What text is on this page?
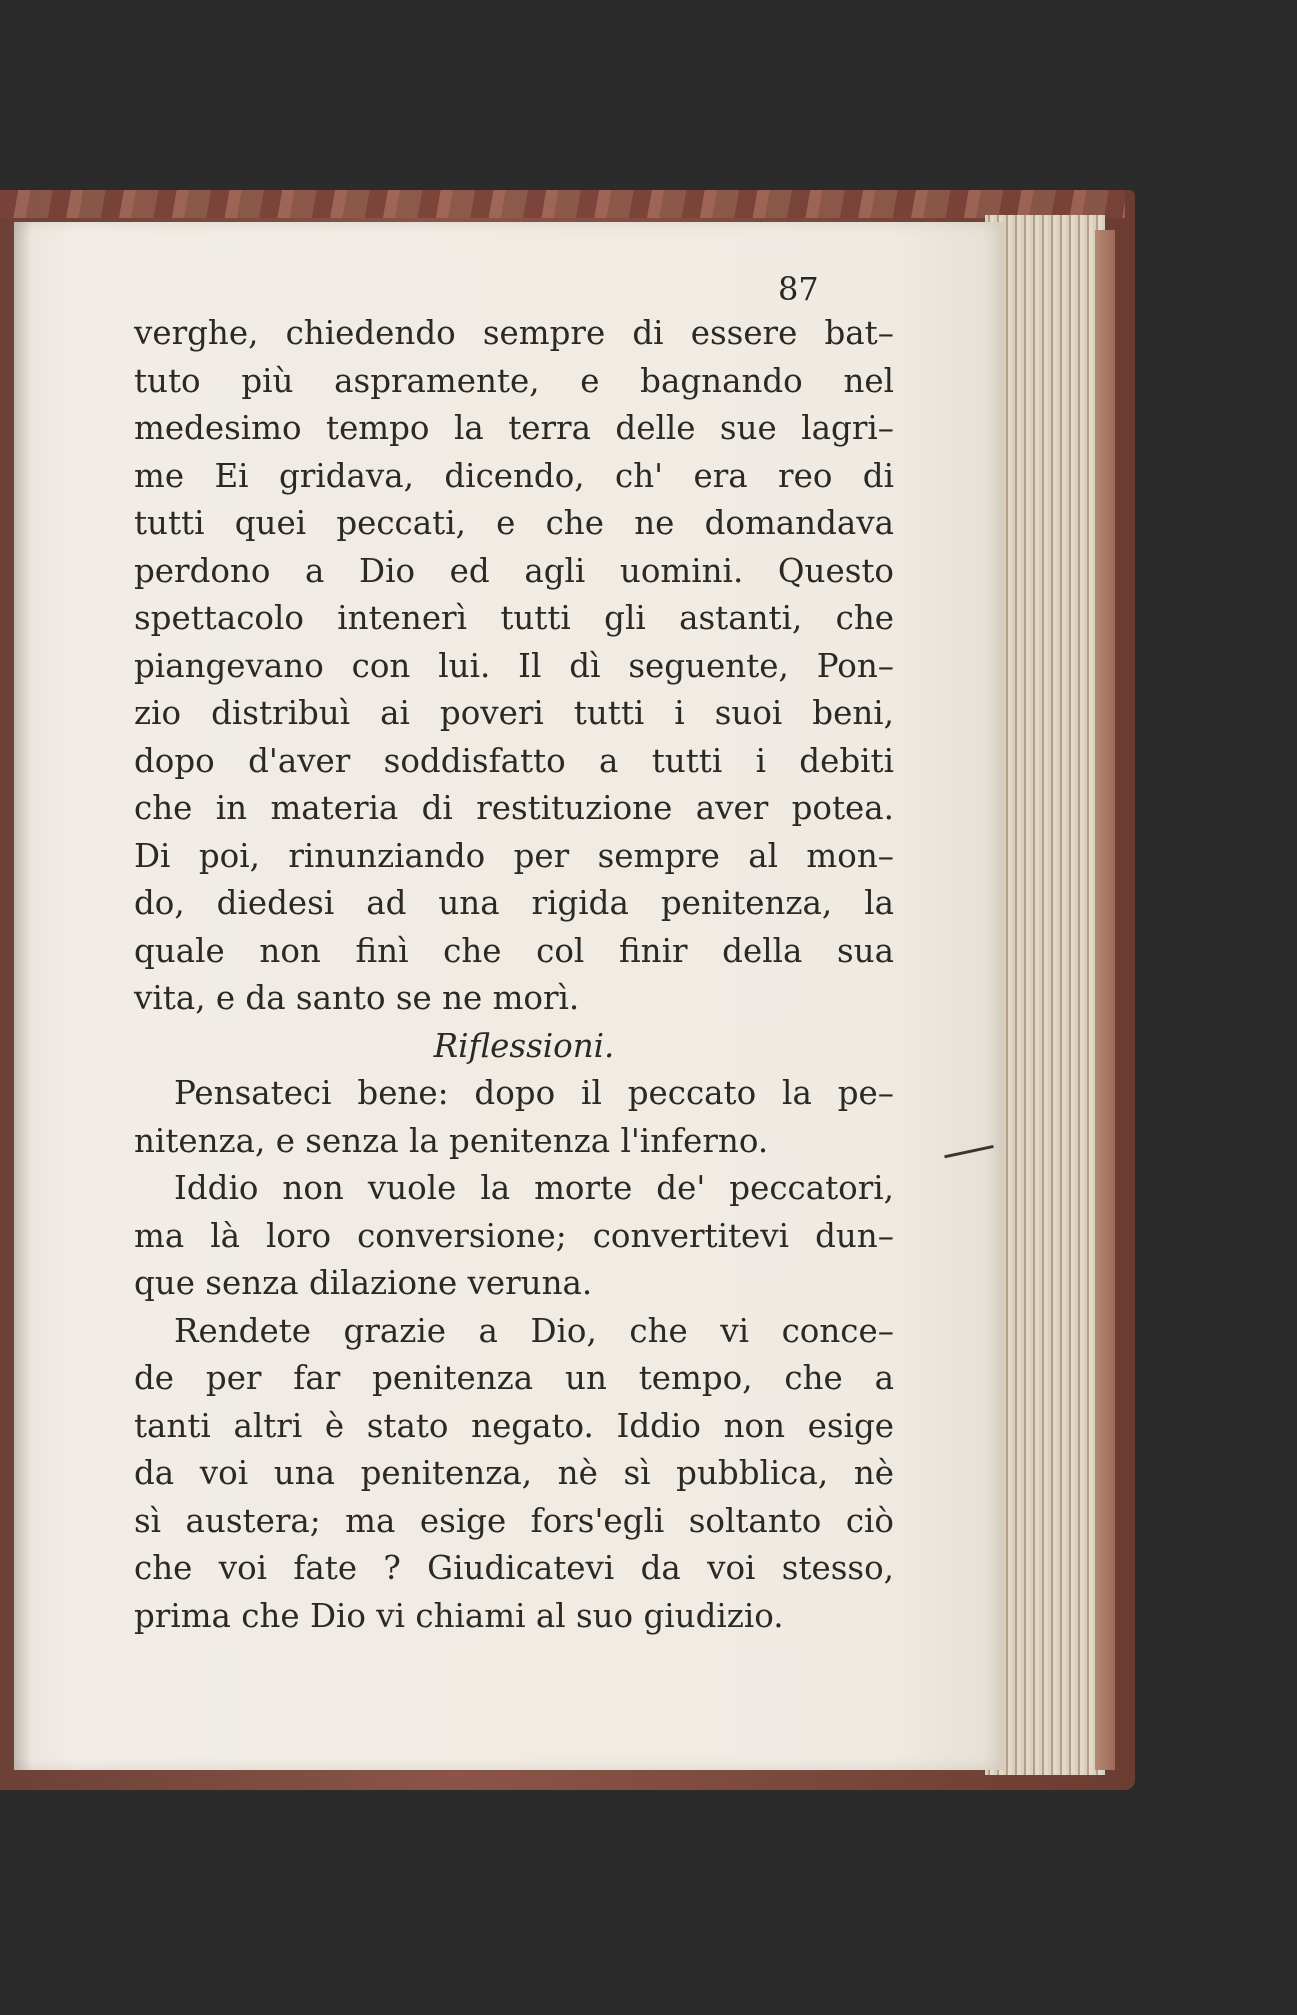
87
verghe, chiedendo sempre di essere bat–
tuto più aspramente, e bagnando nel
medesimo tempo la terra delle sue lagri–
me Ei gridava, dicendo, ch' era reo di
tutti quei peccati, e che ne domandava
perdono a Dio ed agli uomini. Questo
spettacolo intenerì tutti gli astanti, che
piangevano con lui. Il dì seguente, Pon–
zio distribuì ai poveri tutti i suoi beni,
dopo d'aver soddisfatto a tutti i debiti
che in materia di restituzione aver potea.
Di poi, rinunziando per sempre al mon–
do, diedesi ad una rigida penitenza, la
quale non finì che col finir della sua
vita, e da santo se ne morì.
Riflessioni.
Pensateci bene: dopo il peccato la pe–
nitenza, e senza la penitenza l'inferno.
Iddio non vuole la morte de' peccatori,
ma là loro conversione; convertitevi dun–
que senza dilazione veruna.
Rendete grazie a Dio, che vi conce–
de per far penitenza un tempo, che a
tanti altri è stato negato. Iddio non esige
da voi una penitenza, nè sì pubblica, nè
sì austera; ma esige fors'egli soltanto ciò
che voi fate ? Giudicatevi da voi stesso,
prima che Dio vi chiami al suo giudizio.
